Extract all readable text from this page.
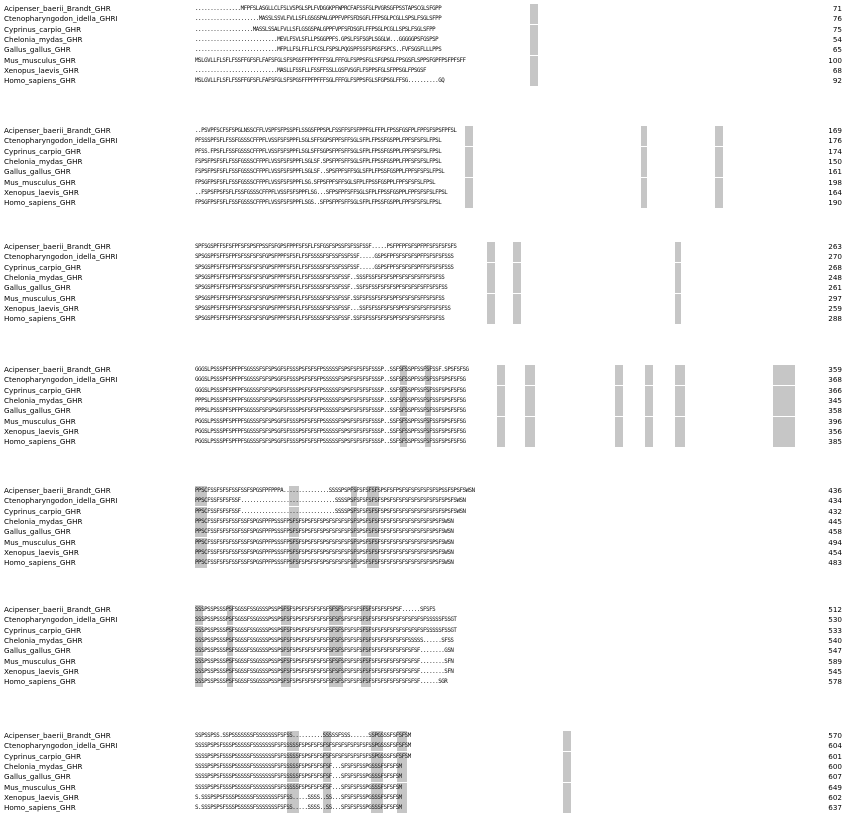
Acipenser_baerii_Brandt_GHR	...............MFPFSLASGLLCLFSLVSPGLSPLFVDGGKPFWPRCFAFSSFGLPVGRSGFPSSTAPSCGLSFGPP	71
Ctenopharyngodon_idella_GHRI	.....................MASSLSSVLFVLLSFLGSGSPALGPPFVPFSFDSGFLFFPSGLPCGLLSPSLFSGLSFPP	76
Cyprinus_carpio_GHR	...................MASSLSSALFVLLSFLGSGSPALGPPFVPFSFDSGFLFFPSGLPCGLLSPSLFSGLSFPP	75
Chelonia_mydas_GHR	...........................MEVLFSVLSFLLPSGGPPFS.GPSLFSFSGPLSGGLW...GGGGGPSFGSPSP	54
Gallus_gallus_GHR	...........................MFPLLFSLFFLLFCSLFSPSLPQGSPFSSFSPGSFSPCS..FVFSGSFLLLPPS	65
Mus_musculus_GHR	MSLGVLLFLSFLFSSFFGFSFLFAFSFGLSFSPGSFFPFPFFFSGLFFFGLFSPPSFGLSFGPSGLFPSGSFLSPPSFGPFPSFPFSFF	100
Xenopus_laevis_GHR	...........................MASLLFSSFLLFSSFFSSLLGSFVSGFLFSPPSFGLSFPPSGLFPSGSF	68
Homo_sapiens_GHR	MSLGVLLFLSFLFSSFFGFSFLFAFSFGLSFSPGSFFPFPFFFSGLFFFGLFSPPSFGLSFGPSGLFFSG..........GQ	92
Acipenser_baerii_Brandt_GHR	..PSVPFSCFSFSPGLNSSCFFLVSPFSFPSSPFLSSGSFPPSPLFSSFFSFSFPPFGLFFPLFPSSFGSFPLFPFSFSPSFPFSL	169
Ctenopharyngodon_idella_GHRI	PFSSSPFSFLFSSFGSSSCFFPFLVSSFSFSPPFLSGLSFFSGPSFPFSFFSGLSFPLFPSSFGSPPLFPFSFSFSLFPSL	176
Cyprinus_carpio_GHR	PFSS.FPSFLFSSFGSSSCFFPFLVSSFSFSPPFLSGLSFFSGPSFPFSFFSGLSFPLFPSSFGSPPLFPFSFSFSLFPSL	174
Chelonia_mydas_GHR	FSPSFPSFSFLFSSFGSSSCFFPFLVSSFSFSPPFLSGLSF.SPSFPFSFFSGLSFPLFPSSFGSPPLFPFSFSFSLFPSL	150
Gallus_gallus_GHR	FSPSFPSFSFLFSSFGSSSCFFPFLVSSFSFSPPFLSGLSF..SPSFPFSFFSGLSFPLFPSSFGSPPLFPFSFSFSLFPSL	161
Mus_musculus_GHR	FPSGFPSFSFLFSSFGSSSCFFPFLVSSFSFSPPFLSG.SFPSFPFSFFSGLSFPLFPSSFGSPPLFPFSFSFSLFPSL	198
Xenopus_laevis_GHR	..FSPSFPSFSFLFSSFGSSSCFFPFLVSSFSFSPPFLSG...SFPSFPFSFFSGLSFPLFPSSFGSPPLFPFSFSFSLFPSL	164
Homo_sapiens_GHR	FPSGFPSFSFLFSSFGSSSCFFPFLVSSFSFSPPFLSGS..SFPSFPFSFFSGLSFPLFPSSFGSPPLFPFSFSFSLFPSL	190
Acipenser_baerii_Brandt_GHR	SPFSGSPFFSFSFPFSFSPSFPSSFSFGPSFPPFSFSFLFSFGSFSPSSFSFSSFSSF.....PSFPFPFSFSPFPFSFSFSFSFS	263
Ctenopharyngodon_idella_GHRI	SPSGSPFSFFSFPFSFSSFSFSFGPSFPPFSFSFLFSFSSSSFSFSSFSSFSSF.....GSPSFPFSFSFSFSPFFSFSFSFSSS	270
Cyprinus_carpio_GHR	SPSGSPFSFFSFPFSFSSFSFSFGPSFPPFSFSFLFSFSSSSFSFSSFSSFSSF.....GSPSFPFSFSFSFSPFFSFSFSFSSS	268
Chelonia_mydas_GHR	SPSGSPFSFFSFPFSFSSFSFSFGPSFPPFSFSFLFSFSSSSFSFSSFSSF..SSSFSSFSFSFSPFSFSFSFSFFSFSFSS	248
Gallus_gallus_GHR	SPSGSPFSFFSFPFSFSSFSFSFGPSFPPFSFSFLFSFSSSSFSFSSFSSF..SSFSFSSFSFSFSPFSFSFSFSFFSFSFSS	261
Mus_musculus_GHR	SPSGSPFSFFSFPFSFSSFSFSFGPSFPPFSFSFLFSFSSSSFSFSSFSSF.SSFSFSSFSFSFSPFSFSFSFSFFSFSFSS	297
Xenopus_laevis_GHR	SPSGSPFSFFSFPFSFSSFSFSFGPSFPPFSFSFLFSFSSSSFSFSSFSSF...SSFSFSSFSFSFSPFSFSFSFSFFSFSFSS	259
Homo_sapiens_GHR	SPSGSPFSFFSFPFSFSSFSFSFGPSFPPFSFSFLFSFSSSSFSFSSFSSF.SSFSFSSFSFSFSPFSFSFSFSFFSFSFSS	288
Acipenser_baerii_Brandt_GHR	GGGSLPSSSPFSPFPFSGSSSFSFSPSGFSFSSSPSFSFSFPSSSSSFSPSFSFSFSFSSSP..SSFSFSSPFSSFSFSSF.SPSFSFSG	359
Ctenopharyngodon_idella_GHRI	GGGSLPSSSPFSPFPFSGSSSFSFSPSGFSFSSSPSFSFSFPSSSSSFSPSFSFSFSFSSSP..SSFSFSSPFSSFSFSSFSPSFSFSG	368
Cyprinus_carpio_GHR	GGGSLPSSSPFSPFPFSGSSSFSFSPSGFSFSSSPSFSFSFPSSSSSFSPSFSFSFSFSSSP..SSFSFSSPFSSFSFSSFSPSFSFSG	366
Chelonia_mydas_GHR	PPPSLPSSSPFSPFPFSGSSSFSFSPSGFSFSSSPSFSFSFPSSSSSFSPSFSFSFSFSSSP..SSFSFSSPFSSFSFSSFSPSFSFSG	345
Gallus_gallus_GHR	PPPSLPSSSPFSPFPFSGSSSFSFSPSGFSFSSSPSFSFSFPSSSSSFSPSFSFSFSFSSSP..SSFSFSSPFSSFSFSSFSPSFSFSG	358
Mus_musculus_GHR	PGGSLPSSSPFSPFPFSGSSSFSFSPSGFSFSSSPSFSFSFPSSSSSFSPSFSFSFSFSSSP..SSFSFSSPFSSFSFSSFSPSFSFSG	396
Xenopus_laevis_GHR	PGGSLPSSSPFSPFPFSGSSSFSFSPSGFSFSSSPSFSFSFPSSSSSFSPSFSFSFSFSSSP..SSFSFSSPFSSFSFSSFSPSFSFSG	356
Homo_sapiens_GHR	PGGSLPSSSPFSPFPFSGSSSFSFSPSGFSFSSSPSFSFSFPSSSSSFSPSFSFSFSFSSSP..SSFSFSSPFSSFSFSSFSPSFSFSG	385
Acipenser_baerii_Brandt_GHR	PPSCFSSFSFSFSSFSSFSPGSFPFPPPA...............SSSSPSPFSFSFSFSFSPSFSFPSFSFSFSFSFSFSPSSFSPSFSWSN	436
Ctenopharyngodon_idella_GHRI	PPSCFSSFSFSFSSF...............................SSSSPSFSFSFSFSFSPSFSFSFSFSFSFSFSFSFSPSFSWSN	434
Cyprinus_carpio_GHR	PPSCFSSFSFSFSSF...............................SSSSPSFSFSFSFSFSPSFSFSFSFSFSFSFSFSFSPSFSWSN	432
Chelonia_mydas_GHR	PPSCFSSFSFSFSSFSSFSPGSFPFPSSSFPSFSFSPSFSFSPSFSFSFSFSFSPSFSFSFSFSFSFSFSFSFSFSFSPSFSWSN	445
Gallus_gallus_GHR	PPSCFSSFSFSFSSFSSFSPGSFPFPSSSFPSFSFSPSFSFSPSFSFSFSFSFSPSFSFSFSFSFSFSFSFSFSFSFSPSFSWSN	458
Mus_musculus_GHR	PPSCFSSFSFSFSSFSSFSPGSFPFPSSSFPSFSFSPSFSFSPSFSFSFSFSFSPSFSFSFSFSFSFSFSFSFSFSFSPSFSWSN	494
Xenopus_laevis_GHR	PPSCFSSFSFSFSSFSSFSPGSFPFPSSSFPSFSFSPSFSFSPSFSFSFSFSFSPSFSFSFSFSFSFSFSFSFSFSFSPSFSWSN	454
Homo_sapiens_GHR	PPSCFSSFSFSFSSFSSFSPGSFPFPSSSFPSFSFSPSFSFSPSFSFSFSFSFSPSFSFSFSFSFSFSFSFSFSFSFSPSFSWSN	483
Acipenser_baerii_Brandt_GHR	SSSPSSPSSSPSFSGSSFSSGSSSPSSPSFSFSPSFSFSFSFSFSFSFSFSFSFSFSFSFSFSFSPSF......SFSFS	512
Ctenopharyngodon_idella_GHRI	SSSPSSPSSSPSFSGSSFSSGSSSPSSPSFSFSPSFSFSFSFSFSFSFSFSFSFSFSFSFSFSFSFSFSFSFSFSFSSSSSFSSGT	530
Cyprinus_carpio_GHR	SSSPSSPSSSPSFSGSSFSSGSSSPSSPSFSFSPSFSFSFSFSFSFSFSFSFSFSFSFSFSFSFSFSFSFSFSFSFSSSSSFSSGT	533
Chelonia_mydas_GHR	SSSPSSPSSSPSFSGSSFSSGSSSPSSPSFSFSPSFSFSFSFSFSFSFSFSFSFSFSFSFSFSFSFSFSFSSSSS......SFSS	540
Gallus_gallus_GHR	SSSPSSPSSSPSFSGSSFSSGSSSPSSPSFSFSPSFSFSFSFSFSFSFSFSFSFSFSFSFSFSFSFSFSFSFSF........GSN	547
Mus_musculus_GHR	SSSPSSPSSSPSFSGSSFSSGSSSPSSPSFSFSPSFSFSFSFSFSFSFSFSFSFSFSFSFSFSFSFSFSFSFSF........SFN	589
Xenopus_laevis_GHR	SSSPSSPSSSPSFSGSSFSSGSSSPSSPSFSFSPSFSFSFSFSFSFSFSFSFSFSFSFSFSFSFSFSFSFSFSF........SFN	545
Homo_sapiens_GHR	SSSPSSPSSSPSFSGSSFSSGSSSPSSPSFSFSPSFSFSFSFSFSFSFSFSFSFSFSFSFSFSFSFSFSFSFSF......SGR	578
Acipenser_baerii_Brandt_GHR	SSPSSPSS.SSPSSSSSSSFSSSSSSSFSFSS..........SSSSSFSSS......SSPGSSSFSFSFSM	570
Ctenopharyngodon_idella_GHRI	SSSSPSPSFSSSPSSSSSFSSSSSSSFSFSSSSSFSPSFSFSFSFSFSFSFSFSFSFSSPGSSSFSFSFSM	604
Cyprinus_carpio_GHR	SSSSPSPSFSSSPSSSSSFSSSSSSSFSFSSSSSFSPSFSFSFSFSFSFSFSFSFSFSSPGSSSFSFSFSM	601
Chelonia_mydas_GHR	SSSSPSPSFSSSPSSSSSFSSSSSSSFSFSSSSSFSPSFSFSFSF...SFSFSFSSPGSSSFSFSFSM	600
Gallus_gallus_GHR	SSSSPSPSFSSSPSSSSSFSSSSSSSFSFSSSSSFSPSFSFSFSF...SFSFSFSSPGSSSFSFSFSM	607
Mus_musculus_GHR	SSSSPSPSFSSSPSSSSSFSSSSSSSFSFSSSSSFSPSFSFSFSF...SFSFSFSSPGSSSFSFSFSM	649
Xenopus_laevis_GHR	S.SSSPSPSFSSSPSSSSSFSSSSSSSFSFSS.....SSSS..SS...SFSFSFSSPGSSSFSFSFSM	602
Homo_sapiens_GHR	S.SSSPSPSFSSSPSSSSSFSSSSSSSFSFSS.....SSSS..SS...SFSFSFSSPGSSSFSFSFSM	637
